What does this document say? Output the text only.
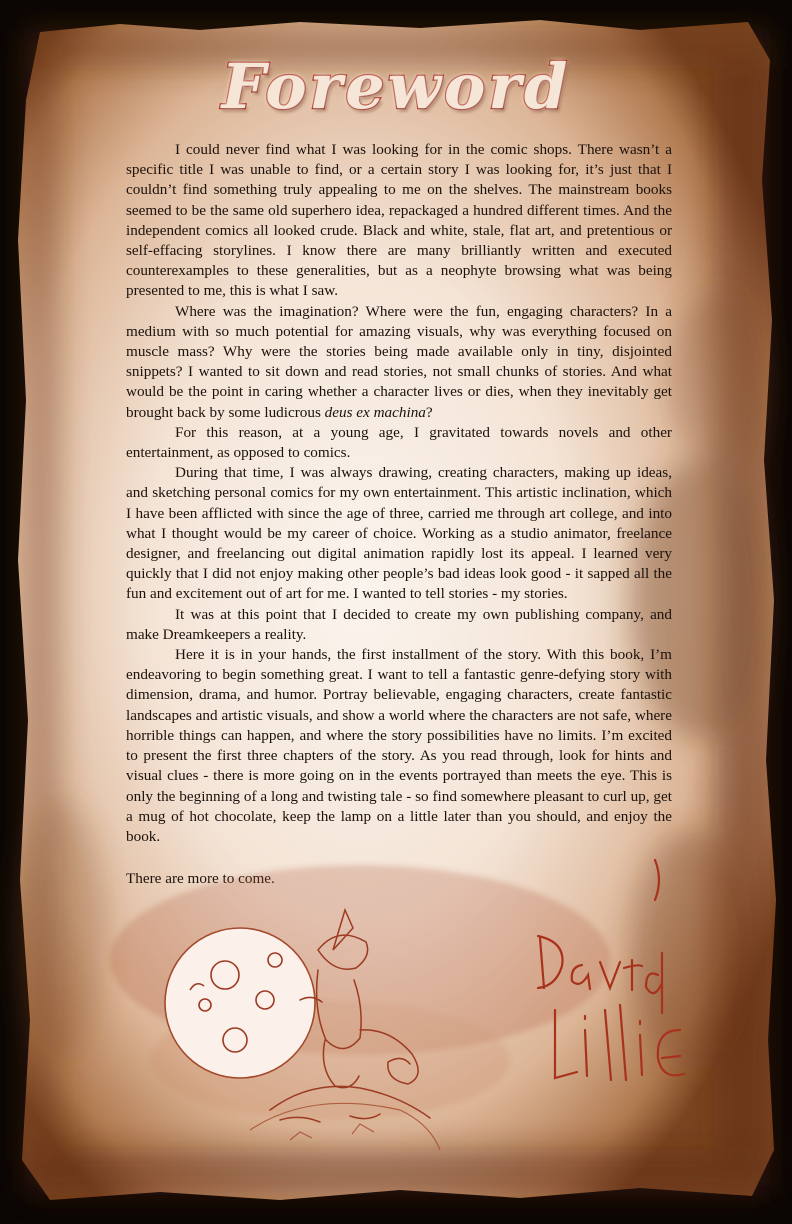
Foreword

I could never find what I was looking for in the comic shops. There wasn’t a specific title I was unable to find, or a certain story I was looking for, it’s just that I couldn’t find something truly appealing to me on the shelves. The mainstream books seemed to be the same old superhero idea, repackaged a hundred different times. And the independent comics all looked crude. Black and white, stale, flat art, and pretentious or self-effacing storylines. I know there are many brilliantly written and executed counterexamples to these generalities, but as a neophyte browsing what was being presented to me, this is what I saw.

Where was the imagination? Where were the fun, engaging characters? In a medium with so much potential for amazing visuals, why was everything focused on muscle mass? Why were the stories being made available only in tiny, disjointed snippets? I wanted to sit down and read stories, not small chunks of stories. And what would be the point in caring whether a character lives or dies, when they inevitably get brought back by some ludicrous deus ex machina?

For this reason, at a young age, I gravitated towards novels and other entertainment, as opposed to comics.

During that time, I was always drawing, creating characters, making up ideas, and sketching personal comics for my own entertainment. This artistic inclination, which I have been afflicted with since the age of three, carried me through art college, and into what I thought would be my career of choice. Working as a studio animator, freelance designer, and freelancing out digital animation rapidly lost its appeal. I learned very quickly that I did not enjoy making other people’s bad ideas look good - it sapped all the fun and excitement out of art for me. I wanted to tell stories - my stories.

It was at this point that I decided to create my own publishing company, and make Dreamkeepers a reality.

Here it is in your hands, the first installment of the story. With this book, I’m endeavoring to begin something great. I want to tell a fantastic genre-defying story with dimension, drama, and humor. Portray believable, engaging characters, create fantastic landscapes and artistic visuals, and show a world where the characters are not safe, where horrible things can happen, and where the story possibilities have no limits. I’m excited to present the first three chapters of the story. As you read through, look for hints and visual clues - there is more going on in the events portrayed than meets the eye. This is only the beginning of a long and twisting tale - so find somewhere pleasant to curl up, get a mug of hot chocolate, keep the lamp on a little later than you should, and enjoy the book.

There are more to come.
